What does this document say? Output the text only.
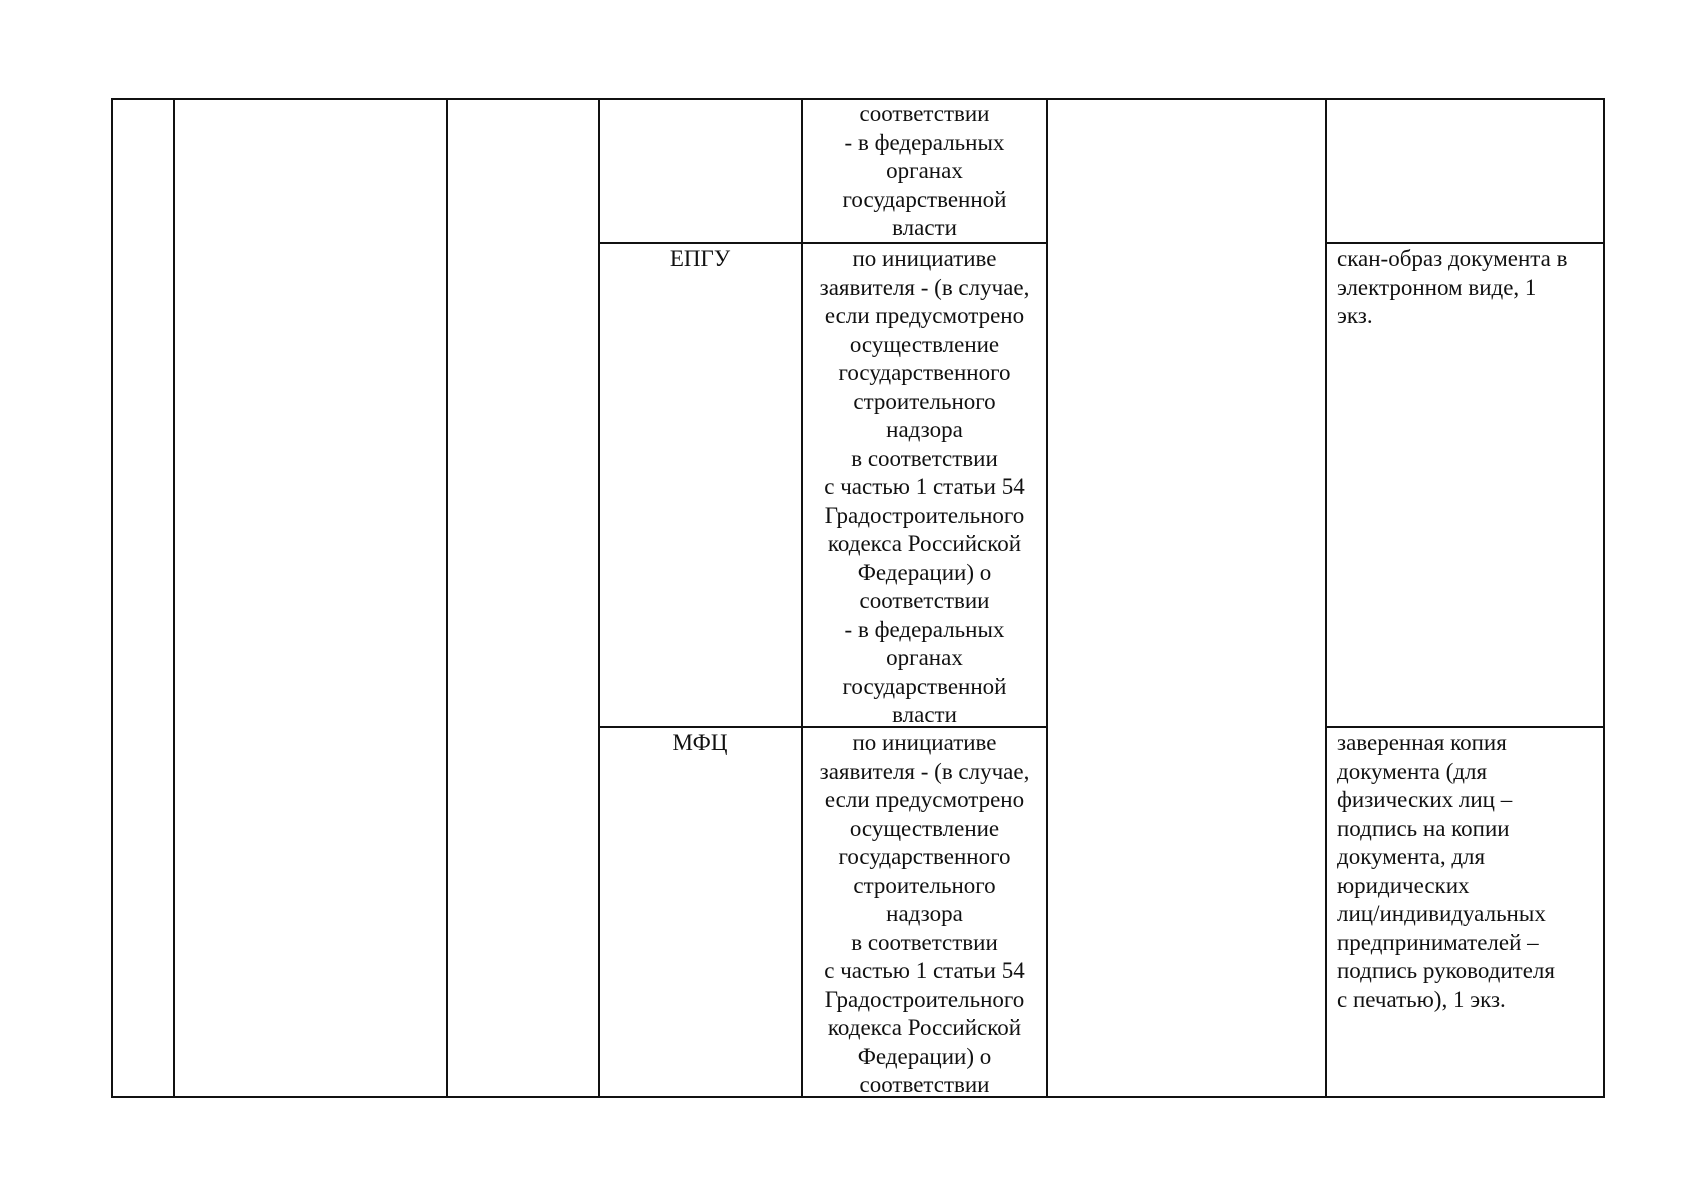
соответствии
- в федеральных
органах
государственной
власти
ЕПГУ	по инициативе
заявителя - (в случае,
если предусмотрено
осуществление
государственного
строительного
надзора
в соответствии
с частью 1 статьи 54
Градостроительного
кодекса Российской
Федерации) о
соответствии
- в федеральных
органах
государственной
власти
скан-образ документа в
электронном виде, 1
экз.
МФЦ	по инициативе
заявителя - (в случае,
если предусмотрено
осуществление
государственного
строительного
надзора
в соответствии
с частью 1 статьи 54
Градостроительного
кодекса Российской
Федерации) о
соответствии
заверенная копия
документа (для
физических лиц –
подпись на копии
документа, для
юридических
лиц/индивидуальных
предпринимателей –
подпись руководителя
с печатью), 1 экз.
